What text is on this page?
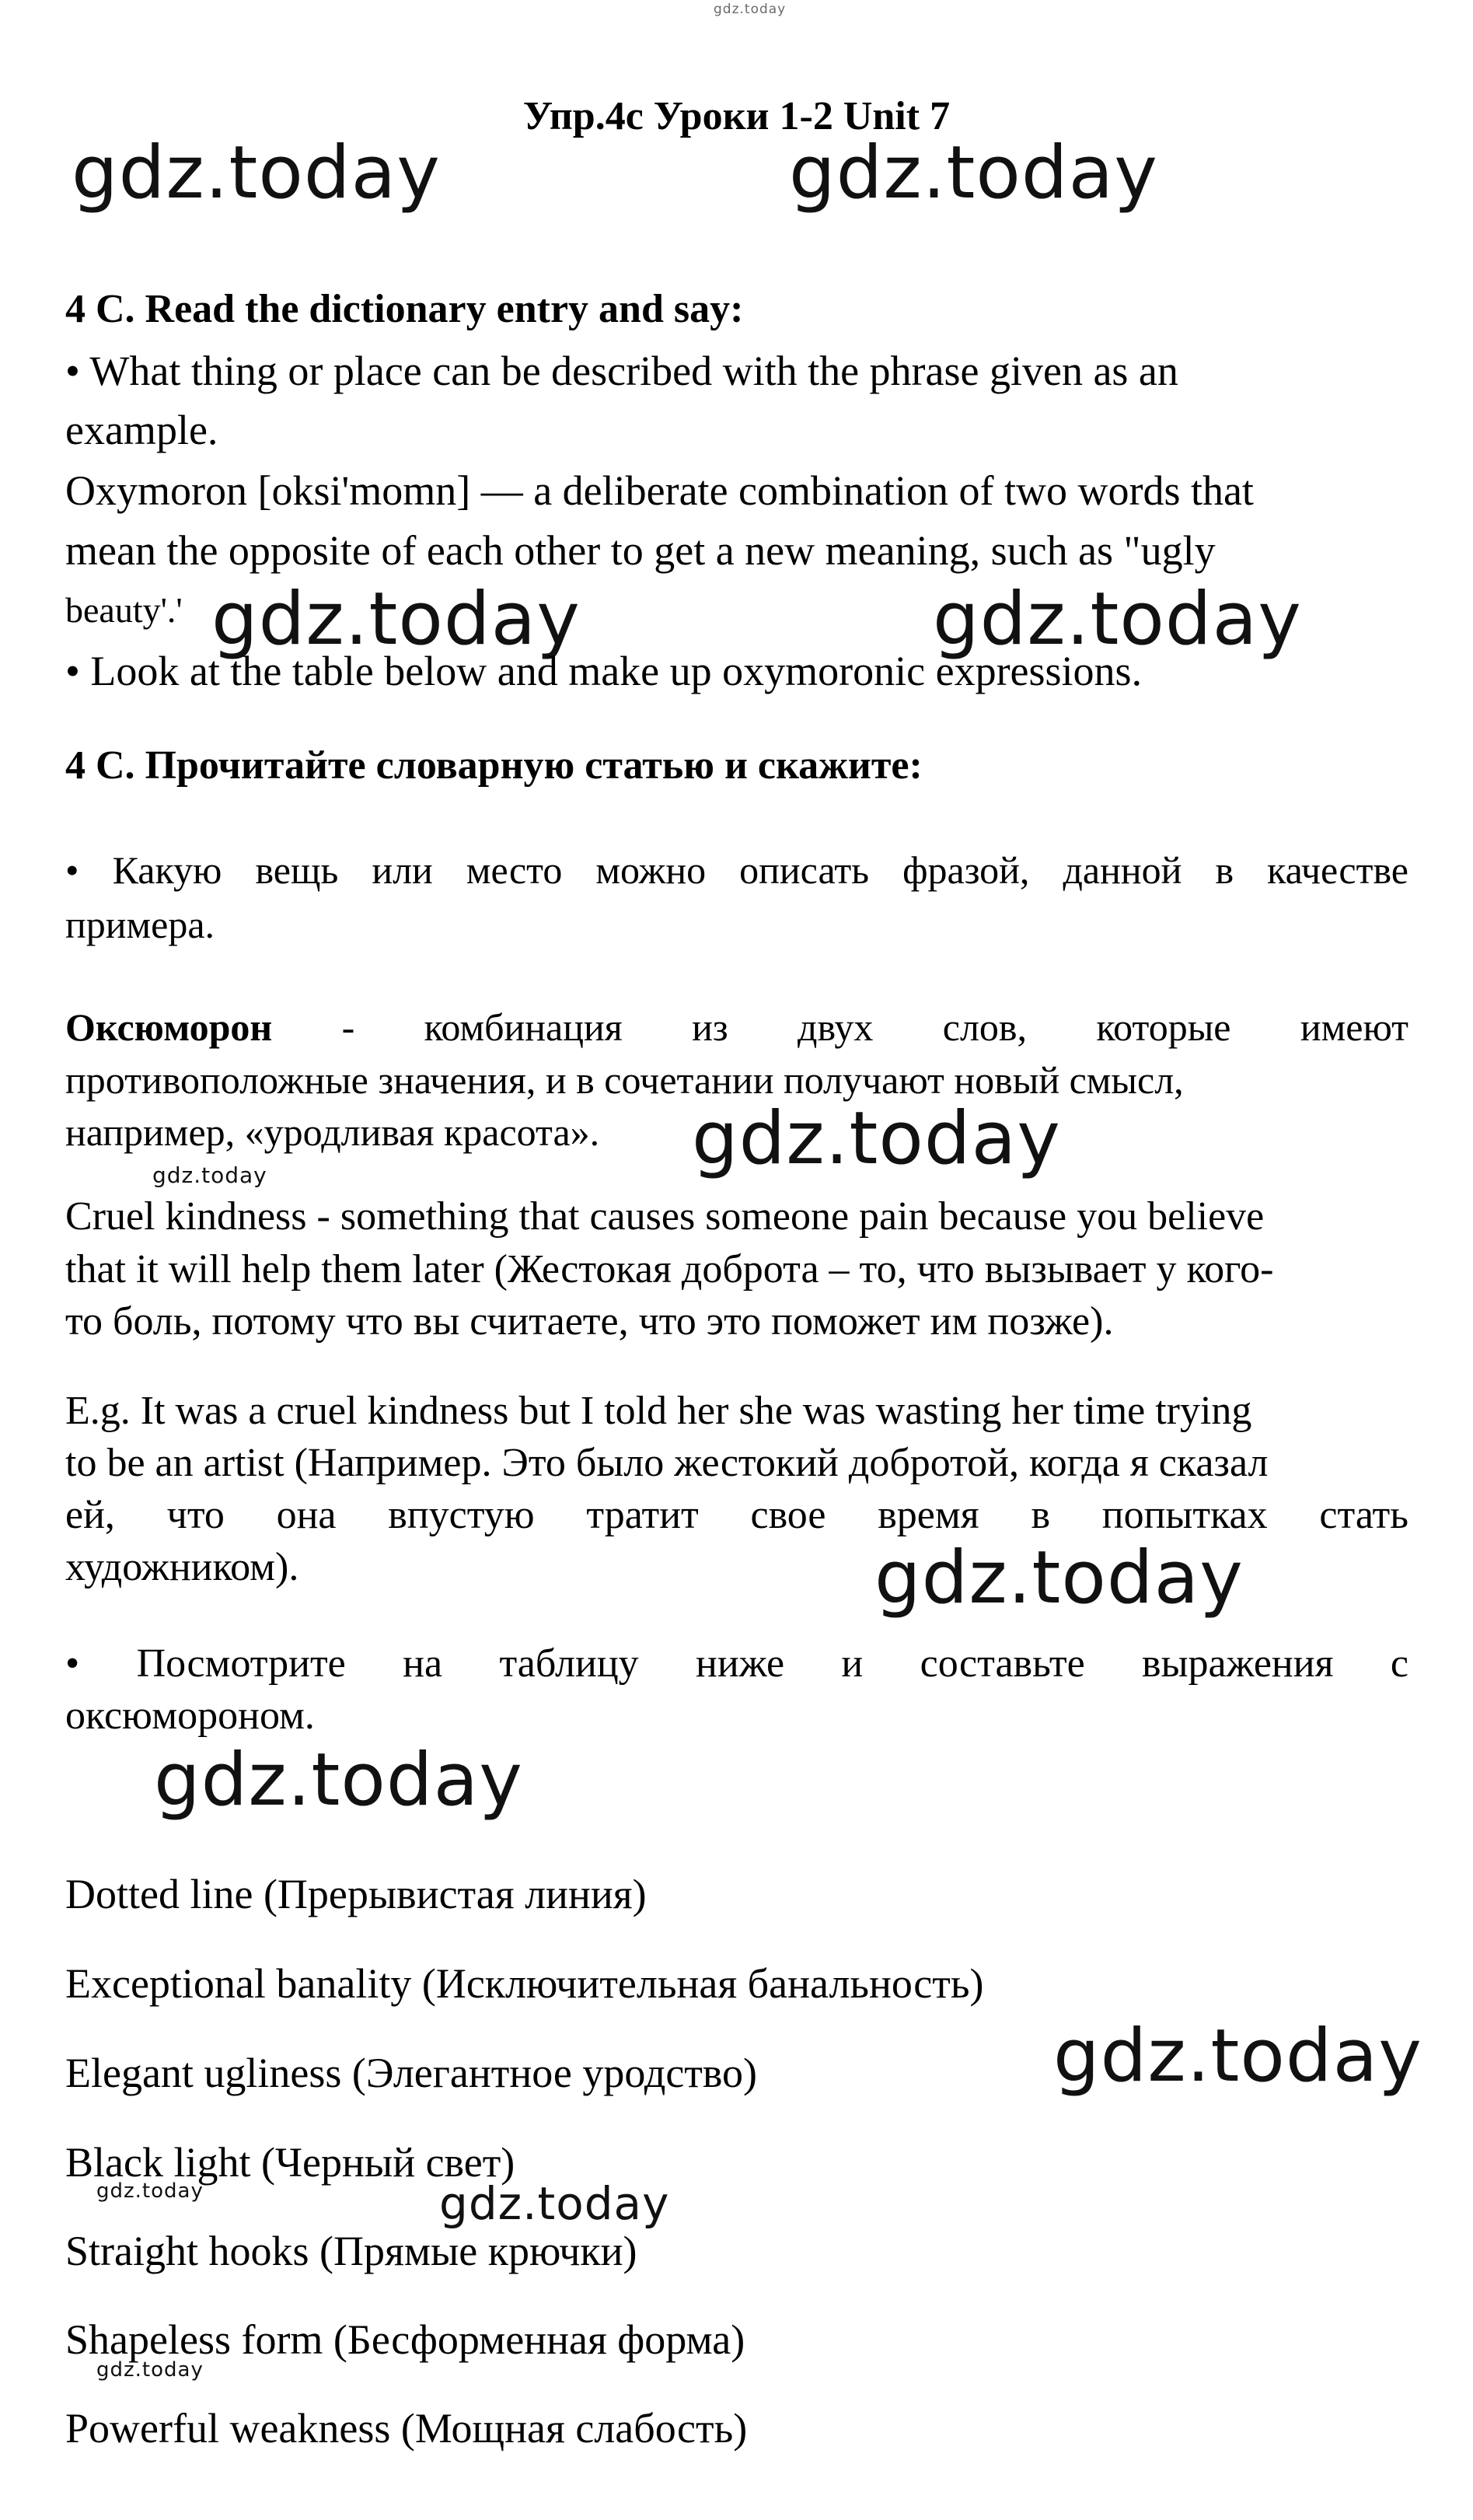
gdz.today
Упр.4c Уроки 1-2 Unit 7
gdz.today	gdz.today
4 C. Read the dictionary entry and say:
• What thing or place can be described with the phrase given as an
example.
Oxymoron [oksi'momn] — a deliberate combination of two words that
mean the opposite of each other to get a new meaning, such as "ugly
beauty'.' gdz.today	gdz.today
• Look at the table below and make up oxymoronic expressions.
4 C. Прочитайте словарную статью и скажите:
• Какую вещь или место можно описать фразой, данной в качестве
примера.
Оксюморон - комбинация из двух слов, которые имеют
противоположные значения, и в сочетании получают новый смысл,
например, «уродливая красота».	gdz.today
gdz.today
Cruel kindness - something that causes someone pain because you believe
that it will help them later (Жестокая доброта – то, что вызывает у кого-
то боль, потому что вы считаете, что это поможет им позже).
E.g. It was a cruel kindness but I told her she was wasting her time trying
to be an artist (Например. Это было жестокий добротой, когда я сказал
ей, что она впустую тратит свое время в попытках стать
художником).	gdz.today
• Посмотрите на таблицу ниже и составьте выражения с
оксюмороном.
gdz.today
Dotted line (Прерывистая линия)
Exceptional banality (Исключительная банальность)
gdz.today
Elegant ugliness (Элегантное уродство)
Black light (Черный свет)
gdz.today	gdz.today
Straight hooks (Прямые крючки)
Shapeless form (Бесформенная форма)
gdz.today
Powerful weakness (Мощная слабость)
